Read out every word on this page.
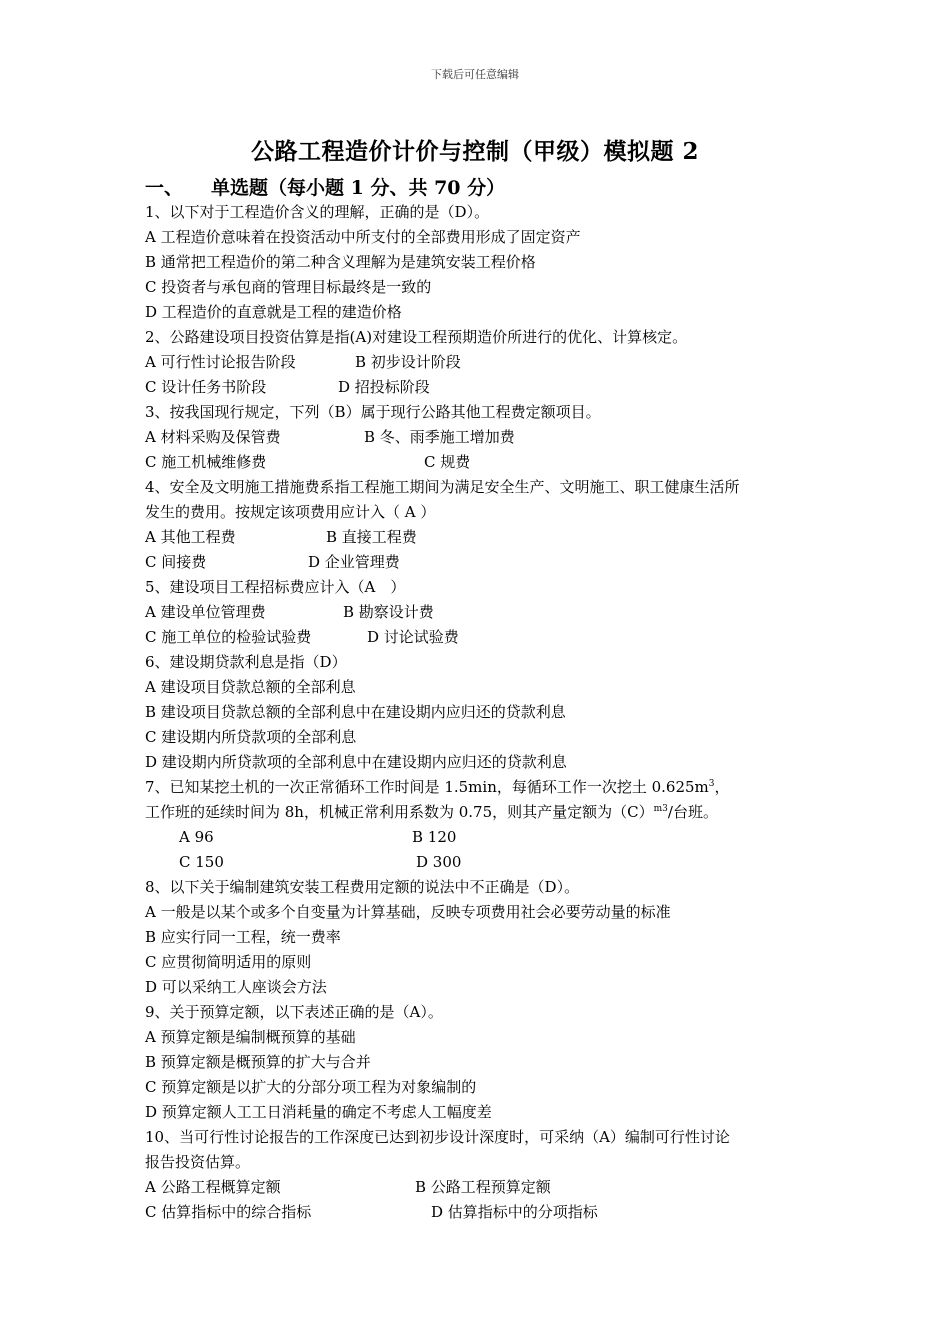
下载后可任意编辑
公路工程造价计价与控制（甲级）模拟题 2
一、 单选题（每小题 1 分、共 70 分）
1、以下对于工程造价含义的理解，正确的是（D）。
A 工程造价意味着在投资活动中所支付的全部费用形成了固定资产
B 通常把工程造价的第二种含义理解为是建筑安装工程价格
C 投资者与承包商的管理目标最终是一致的
D 工程造价的直意就是工程的建造价格
2、公路建设项目投资估算是指(A)对建设工程预期造价所进行的优化、计算核定。
A 可行性讨论报告阶段	B 初步设计阶段
C 设计任务书阶段	D 招投标阶段
3、按我国现行规定，下列（B）属于现行公路其他工程费定额项目。
A 材料采购及保管费	B 冬、雨季施工增加费
C 施工机械维修费	C 规费
4、安全及文明施工措施费系指工程施工期间为满足安全生产、文明施工、职工健康生活所
发生的费用。按规定该项费用应计入（ A ）
A 其他工程费	B 直接工程费
C 间接费	D 企业管理费
5、建设项目工程招标费应计入（A　）
A 建设单位管理费	B 勘察设计费
C 施工单位的检验试验费	D 讨论试验费
6、建设期贷款利息是指（D）
A 建设项目贷款总额的全部利息
B 建设项目贷款总额的全部利息中在建设期内应归还的贷款利息
C 建设期内所贷款项的全部利息
D 建设期内所贷款项的全部利息中在建设期内应归还的贷款利息
7、已知某挖土机的一次正常循环工作时间是 1.5min，每循环工作一次挖土 $0.625m^3$，
工作班的延续时间为 8h，机械正常利用系数为 0.75，则其产量定额为$(C)^{m3}/$台班。
A 96	B 120
C 150	D 300
8、以下关于编制建筑安装工程费用定额的说法中不正确是（D）。
A 一般是以某个或多个自变量为计算基础，反映专项费用社会必要劳动量的标准
B 应实行同一工程，统一费率
C 应贯彻简明适用的原则
D 可以采纳工人座谈会方法
9、关于预算定额，以下表述正确的是（A）。
A 预算定额是编制概预算的基础
B 预算定额是概预算的扩大与合并
C 预算定额是以扩大的分部分项工程为对象编制的
D 预算定额人工工日消耗量的确定不考虑人工幅度差
10、当可行性讨论报告的工作深度已达到初步设计深度时，可采纳（A）编制可行性讨论
报告投资估算。
A 公路工程概算定额	B 公路工程预算定额
C 估算指标中的综合指标	D 估算指标中的分项指标
